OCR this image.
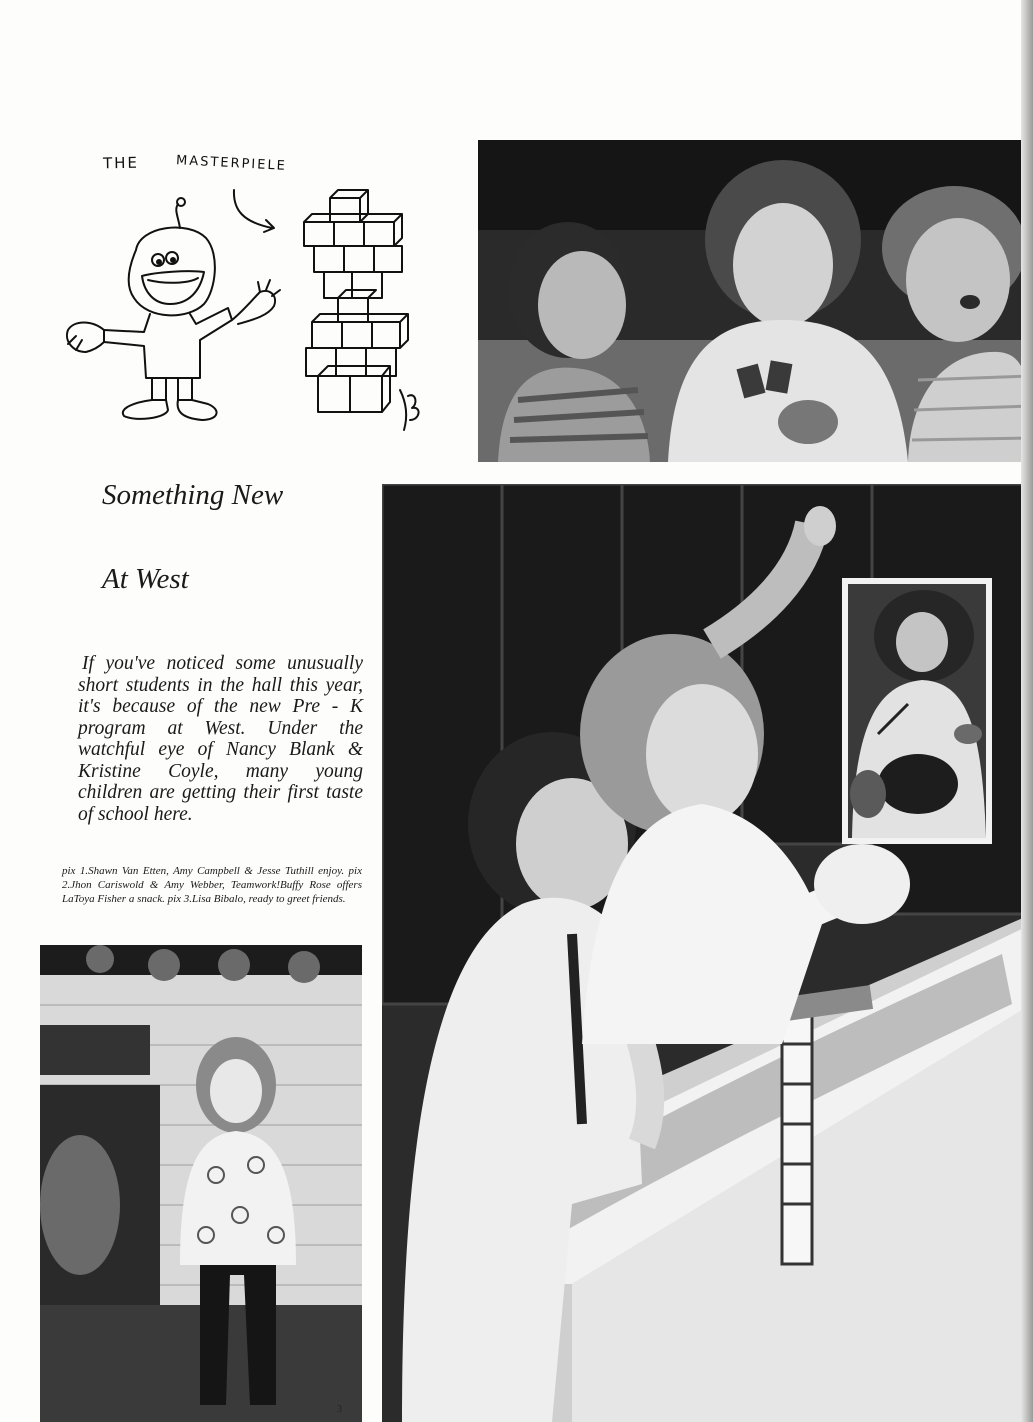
THE	MASTERPIELE
Something New
At West
If you've noticed some unusually short students in the hall this year, it's because of the new Pre - K program at West. Under the watchful eye of Nancy Blank & Kristine Coyle, many young children are getting their first taste of school here.
pix 1.Shawn Van Etten, Amy Campbell & Jesse Tuthill enjoy. pix 2.Jhon Cariswold & Amy Webber, Teamwork!Buffy Rose offers LaToya Fisher a snack. pix 3.Lisa Bibalo, ready to greet friends.
3
